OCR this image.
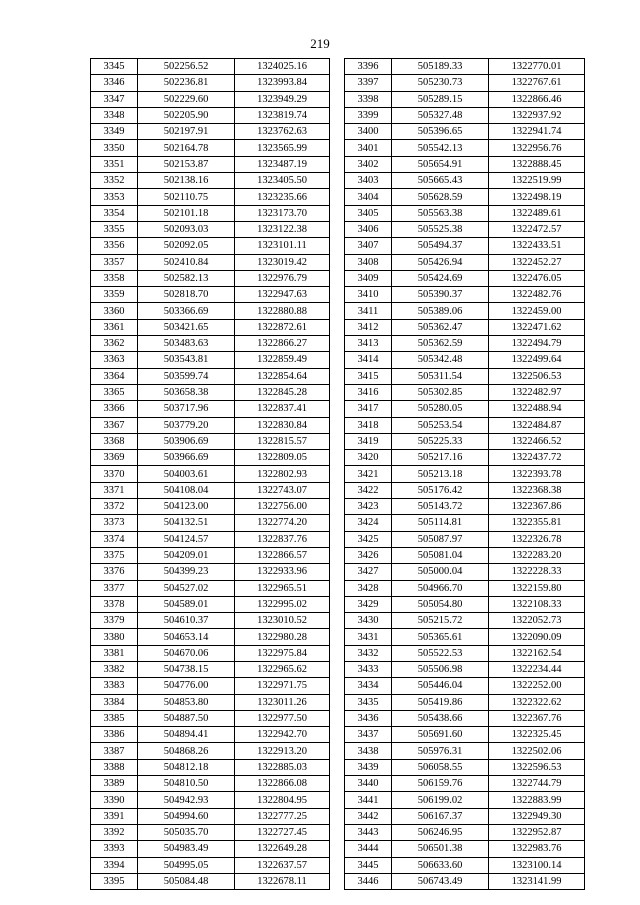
219
3345	502256.52	1324025.16
3346	502236.81	1323993.84
3347	502229.60	1323949.29
3348	502205.90	1323819.74
3349	502197.91	1323762.63
3350	502164.78	1323565.99
3351	502153.87	1323487.19
3352	502138.16	1323405.50
3353	502110.75	1323235.66
3354	502101.18	1323173.70
3355	502093.03	1323122.38
3356	502092.05	1323101.11
3357	502410.84	1323019.42
3358	502582.13	1322976.79
3359	502818.70	1322947.63
3360	503366.69	1322880.88
3361	503421.65	1322872.61
3362	503483.63	1322866.27
3363	503543.81	1322859.49
3364	503599.74	1322854.64
3365	503658.38	1322845.28
3366	503717.96	1322837.41
3367	503779.20	1322830.84
3368	503906.69	1322815.57
3369	503966.69	1322809.05
3370	504003.61	1322802.93
3371	504108.04	1322743.07
3372	504123.00	1322756.00
3373	504132.51	1322774.20
3374	504124.57	1322837.76
3375	504209.01	1322866.57
3376	504399.23	1322933.96
3377	504527.02	1322965.51
3378	504589.01	1322995.02
3379	504610.37	1323010.52
3380	504653.14	1322980.28
3381	504670.06	1322975.84
3382	504738.15	1322965.62
3383	504776.00	1322971.75
3384	504853.80	1323011.26
3385	504887.50	1322977.50
3386	504894.41	1322942.70
3387	504868.26	1322913.20
3388	504812.18	1322885.03
3389	504810.50	1322866.08
3390	504942.93	1322804.95
3391	504994.60	1322777.25
3392	505035.70	1322727.45
3393	504983.49	1322649.28
3394	504995.05	1322637.57
3395	505084.48	1322678.11
3396	505189.33	1322770.01
3397	505230.73	1322767.61
3398	505289.15	1322866.46
3399	505327.48	1322937.92
3400	505396.65	1322941.74
3401	505542.13	1322956.76
3402	505654.91	1322888.45
3403	505665.43	1322519.99
3404	505628.59	1322498.19
3405	505563.38	1322489.61
3406	505525.38	1322472.57
3407	505494.37	1322433.51
3408	505426.94	1322452.27
3409	505424.69	1322476.05
3410	505390.37	1322482.76
3411	505389.06	1322459.00
3412	505362.47	1322471.62
3413	505362.59	1322494.79
3414	505342.48	1322499.64
3415	505311.54	1322506.53
3416	505302.85	1322482.97
3417	505280.05	1322488.94
3418	505253.54	1322484.87
3419	505225.33	1322466.52
3420	505217.16	1322437.72
3421	505213.18	1322393.78
3422	505176.42	1322368.38
3423	505143.72	1322367.86
3424	505114.81	1322355.81
3425	505087.97	1322326.78
3426	505081.04	1322283.20
3427	505000.04	1322228.33
3428	504966.70	1322159.80
3429	505054.80	1322108.33
3430	505215.72	1322052.73
3431	505365.61	1322090.09
3432	505522.53	1322162.54
3433	505506.98	1322234.44
3434	505446.04	1322252.00
3435	505419.86	1322322.62
3436	505438.66	1322367.76
3437	505691.60	1322325.45
3438	505976.31	1322502.06
3439	506058.55	1322596.53
3440	506159.76	1322744.79
3441	506199.02	1322883.99
3442	506167.37	1322949.30
3443	506246.95	1322952.87
3444	506501.38	1322983.76
3445	506633.60	1323100.14
3446	506743.49	1323141.99
